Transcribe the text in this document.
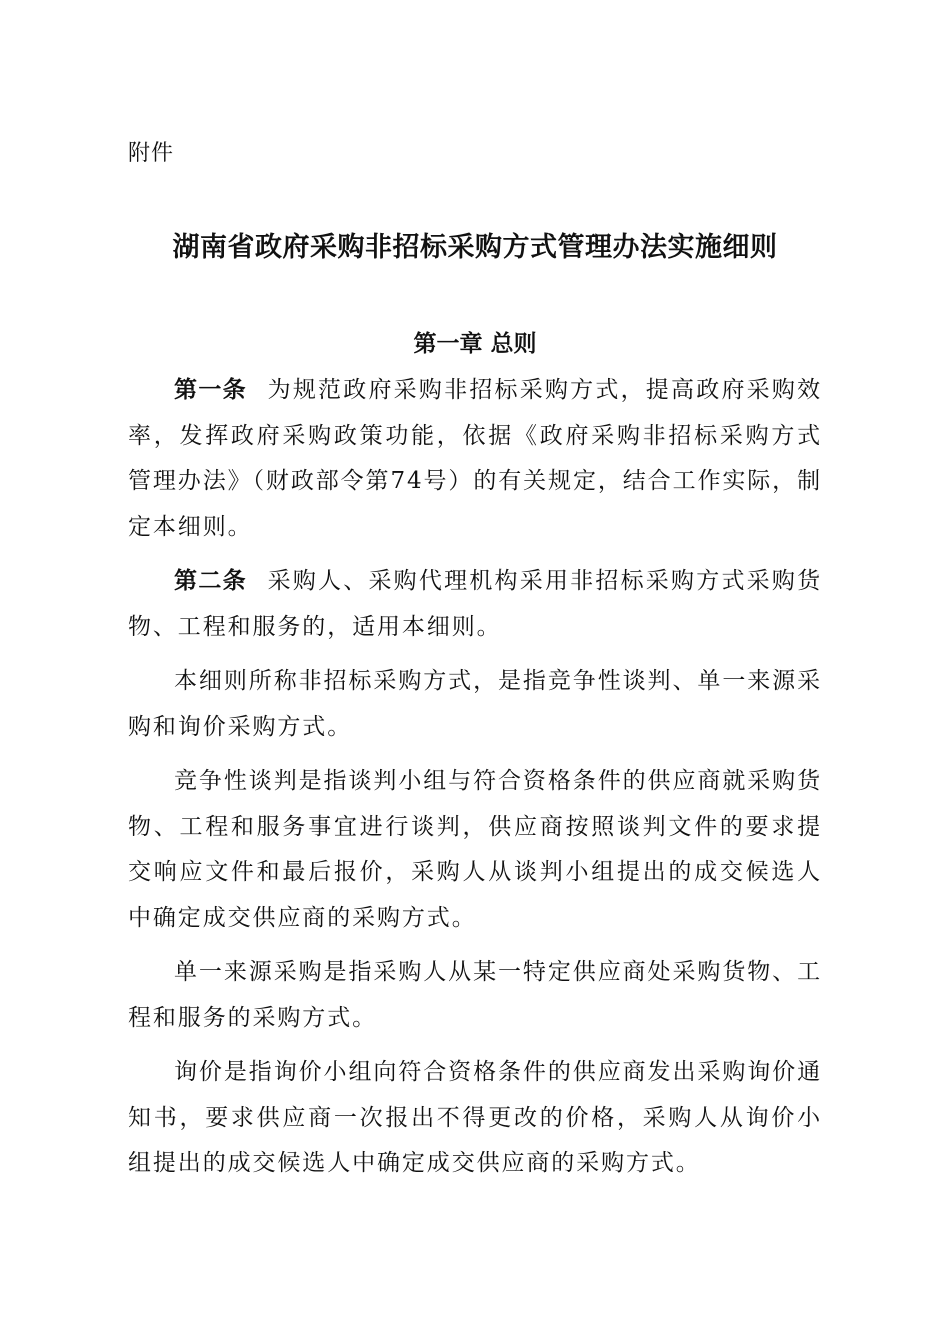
附件
湖南省政府采购非招标采购方式管理办法实施细则
第一章 总则

第一条 为规范政府采购非招标采购方式，提高政府采购效率，发挥政府采购政策功能，依据《政府采购非招标采购方式管理办法》（财政部令第74号）的有关规定，结合工作实际，制定本细则。

第二条 采购人、采购代理机构采用非招标采购方式采购货物、工程和服务的，适用本细则。

本细则所称非招标采购方式，是指竞争性谈判、单一来源采购和询价采购方式。

竞争性谈判是指谈判小组与符合资格条件的供应商就采购货物、工程和服务事宜进行谈判，供应商按照谈判文件的要求提交响应文件和最后报价，采购人从谈判小组提出的成交候选人中确定成交供应商的采购方式。

单一来源采购是指采购人从某一特定供应商处采购货物、工程和服务的采购方式。

询价是指询价小组向符合资格条件的供应商发出采购询价通知书，要求供应商一次报出不得更改的价格，采购人从询价小组提出的成交候选人中确定成交供应商的采购方式。
